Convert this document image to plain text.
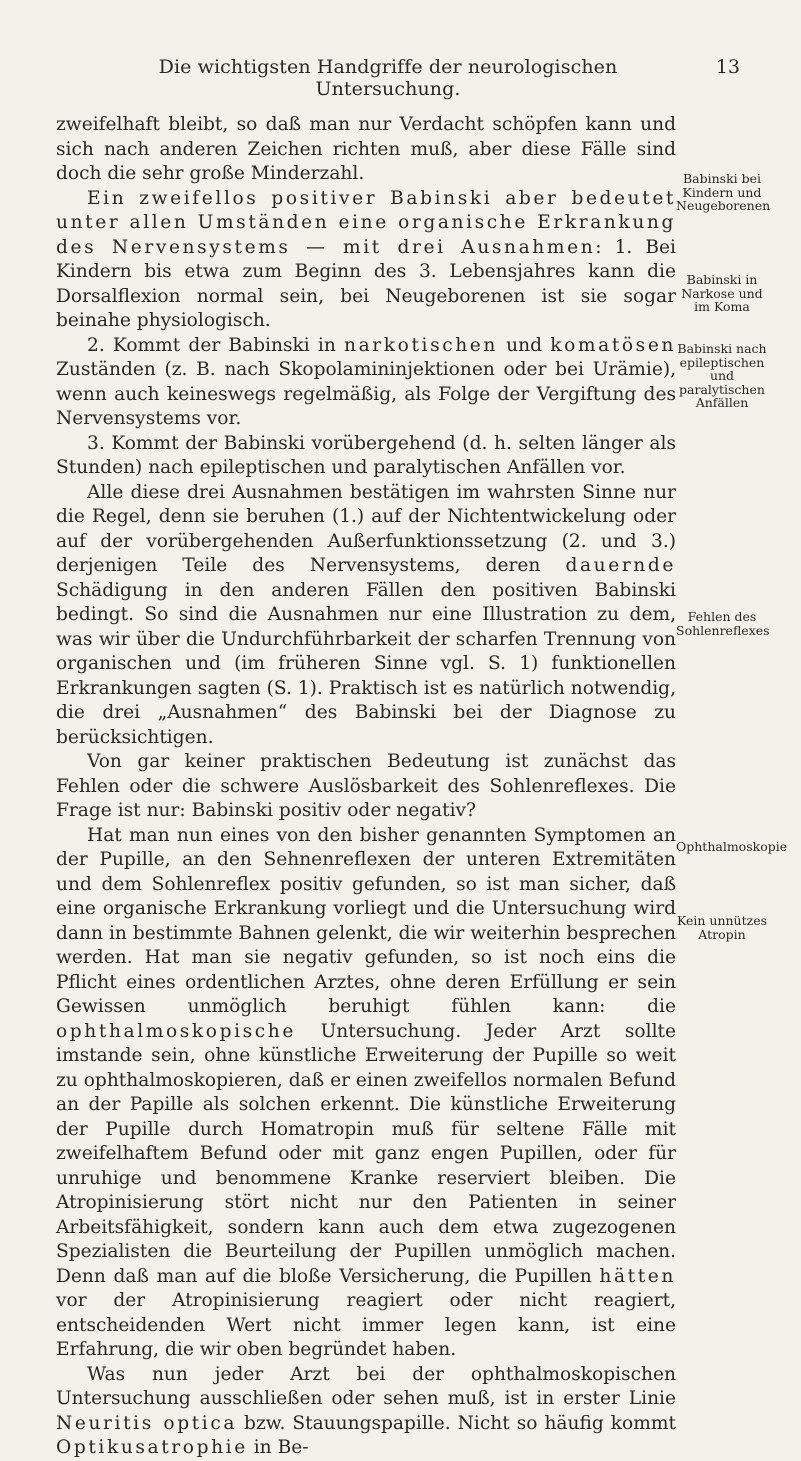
Die wichtigsten Handgriffe der neurologischen Untersuchung.
13

zweifelhaft bleibt, so daß man nur Verdacht schöpfen kann und sich nach anderen Zeichen richten muß, aber diese Fälle sind doch die sehr große Minderzahl.

Ein zweifellos positiver Babinski aber bedeutet unter allen Umständen eine organische Erkrankung des Nervensystems — mit drei Ausnahmen: 1. Bei Kindern bis etwa zum Beginn des 3. Lebensjahres kann die Dorsalflexion normal sein, bei Neugeborenen ist sie sogar beinahe physiologisch.

2. Kommt der Babinski in narkotischen und komatösen Zuständen (z. B. nach Skopolamininjektionen oder bei Urämie), wenn auch keineswegs regelmäßig, als Folge der Vergiftung des Nervensystems vor.

3. Kommt der Babinski vorübergehend (d. h. selten länger als Stunden) nach epileptischen und paralytischen Anfällen vor.

Alle diese drei Ausnahmen bestätigen im wahrsten Sinne nur die Regel, denn sie beruhen (1.) auf der Nichtentwickelung oder auf der vorübergehenden Außerfunktionssetzung (2. und 3.) derjenigen Teile des Nervensystems, deren dauernde Schädigung in den anderen Fällen den positiven Babinski bedingt. So sind die Ausnahmen nur eine Illustration zu dem, was wir über die Undurchführbarkeit der scharfen Trennung von organischen und (im früheren Sinne vgl. S. 1) funktionellen Erkrankungen sagten (S. 1). Praktisch ist es natürlich notwendig, die drei „Ausnahmen“ des Babinski bei der Diagnose zu berücksichtigen.

Von gar keiner praktischen Bedeutung ist zunächst das Fehlen oder die schwere Auslösbarkeit des Sohlenreflexes. Die Frage ist nur: Babinski positiv oder negativ?

Hat man nun eines von den bisher genannten Symptomen an der Pupille, an den Sehnenreflexen der unteren Extremitäten und dem Sohlenreflex positiv gefunden, so ist man sicher, daß eine organische Erkrankung vorliegt und die Untersuchung wird dann in bestimmte Bahnen gelenkt, die wir weiterhin besprechen werden. Hat man sie negativ gefunden, so ist noch eins die Pflicht eines ordentlichen Arztes, ohne deren Erfüllung er sein Gewissen unmöglich beruhigt fühlen kann: die ophthalmoskopische Untersuchung. Jeder Arzt sollte imstande sein, ohne künstliche Erweiterung der Pupille so weit zu ophthalmoskopieren, daß er einen zweifellos normalen Befund an der Papille als solchen erkennt. Die künstliche Erweiterung der Pupille durch Homatropin muß für seltene Fälle mit zweifelhaftem Befund oder mit ganz engen Pupillen, oder für unruhige und benommene Kranke reserviert bleiben. Die Atropinisierung stört nicht nur den Patienten in seiner Arbeitsfähigkeit, sondern kann auch dem etwa zugezogenen Spezialisten die Beurteilung der Pupillen unmöglich machen. Denn daß man auf die bloße Versicherung, die Pupillen hätten vor der Atropinisierung reagiert oder nicht reagiert, entscheidenden Wert nicht immer legen kann, ist eine Erfahrung, die wir oben begründet haben.

Was nun jeder Arzt bei der ophthalmoskopischen Untersuchung ausschließen oder sehen muß, ist in erster Linie Neuritis optica bzw. Stauungspapille. Nicht so häufig kommt Optikusatrophie in Be-

Babinski bei Kindern und Neugeborenen
Babinski in Narkose und im Koma
Babinski nach epileptischen und paralytischen Anfällen
Fehlen des Sohlenreflexes
Ophthalmoskopie
Kein unnützes Atropin
